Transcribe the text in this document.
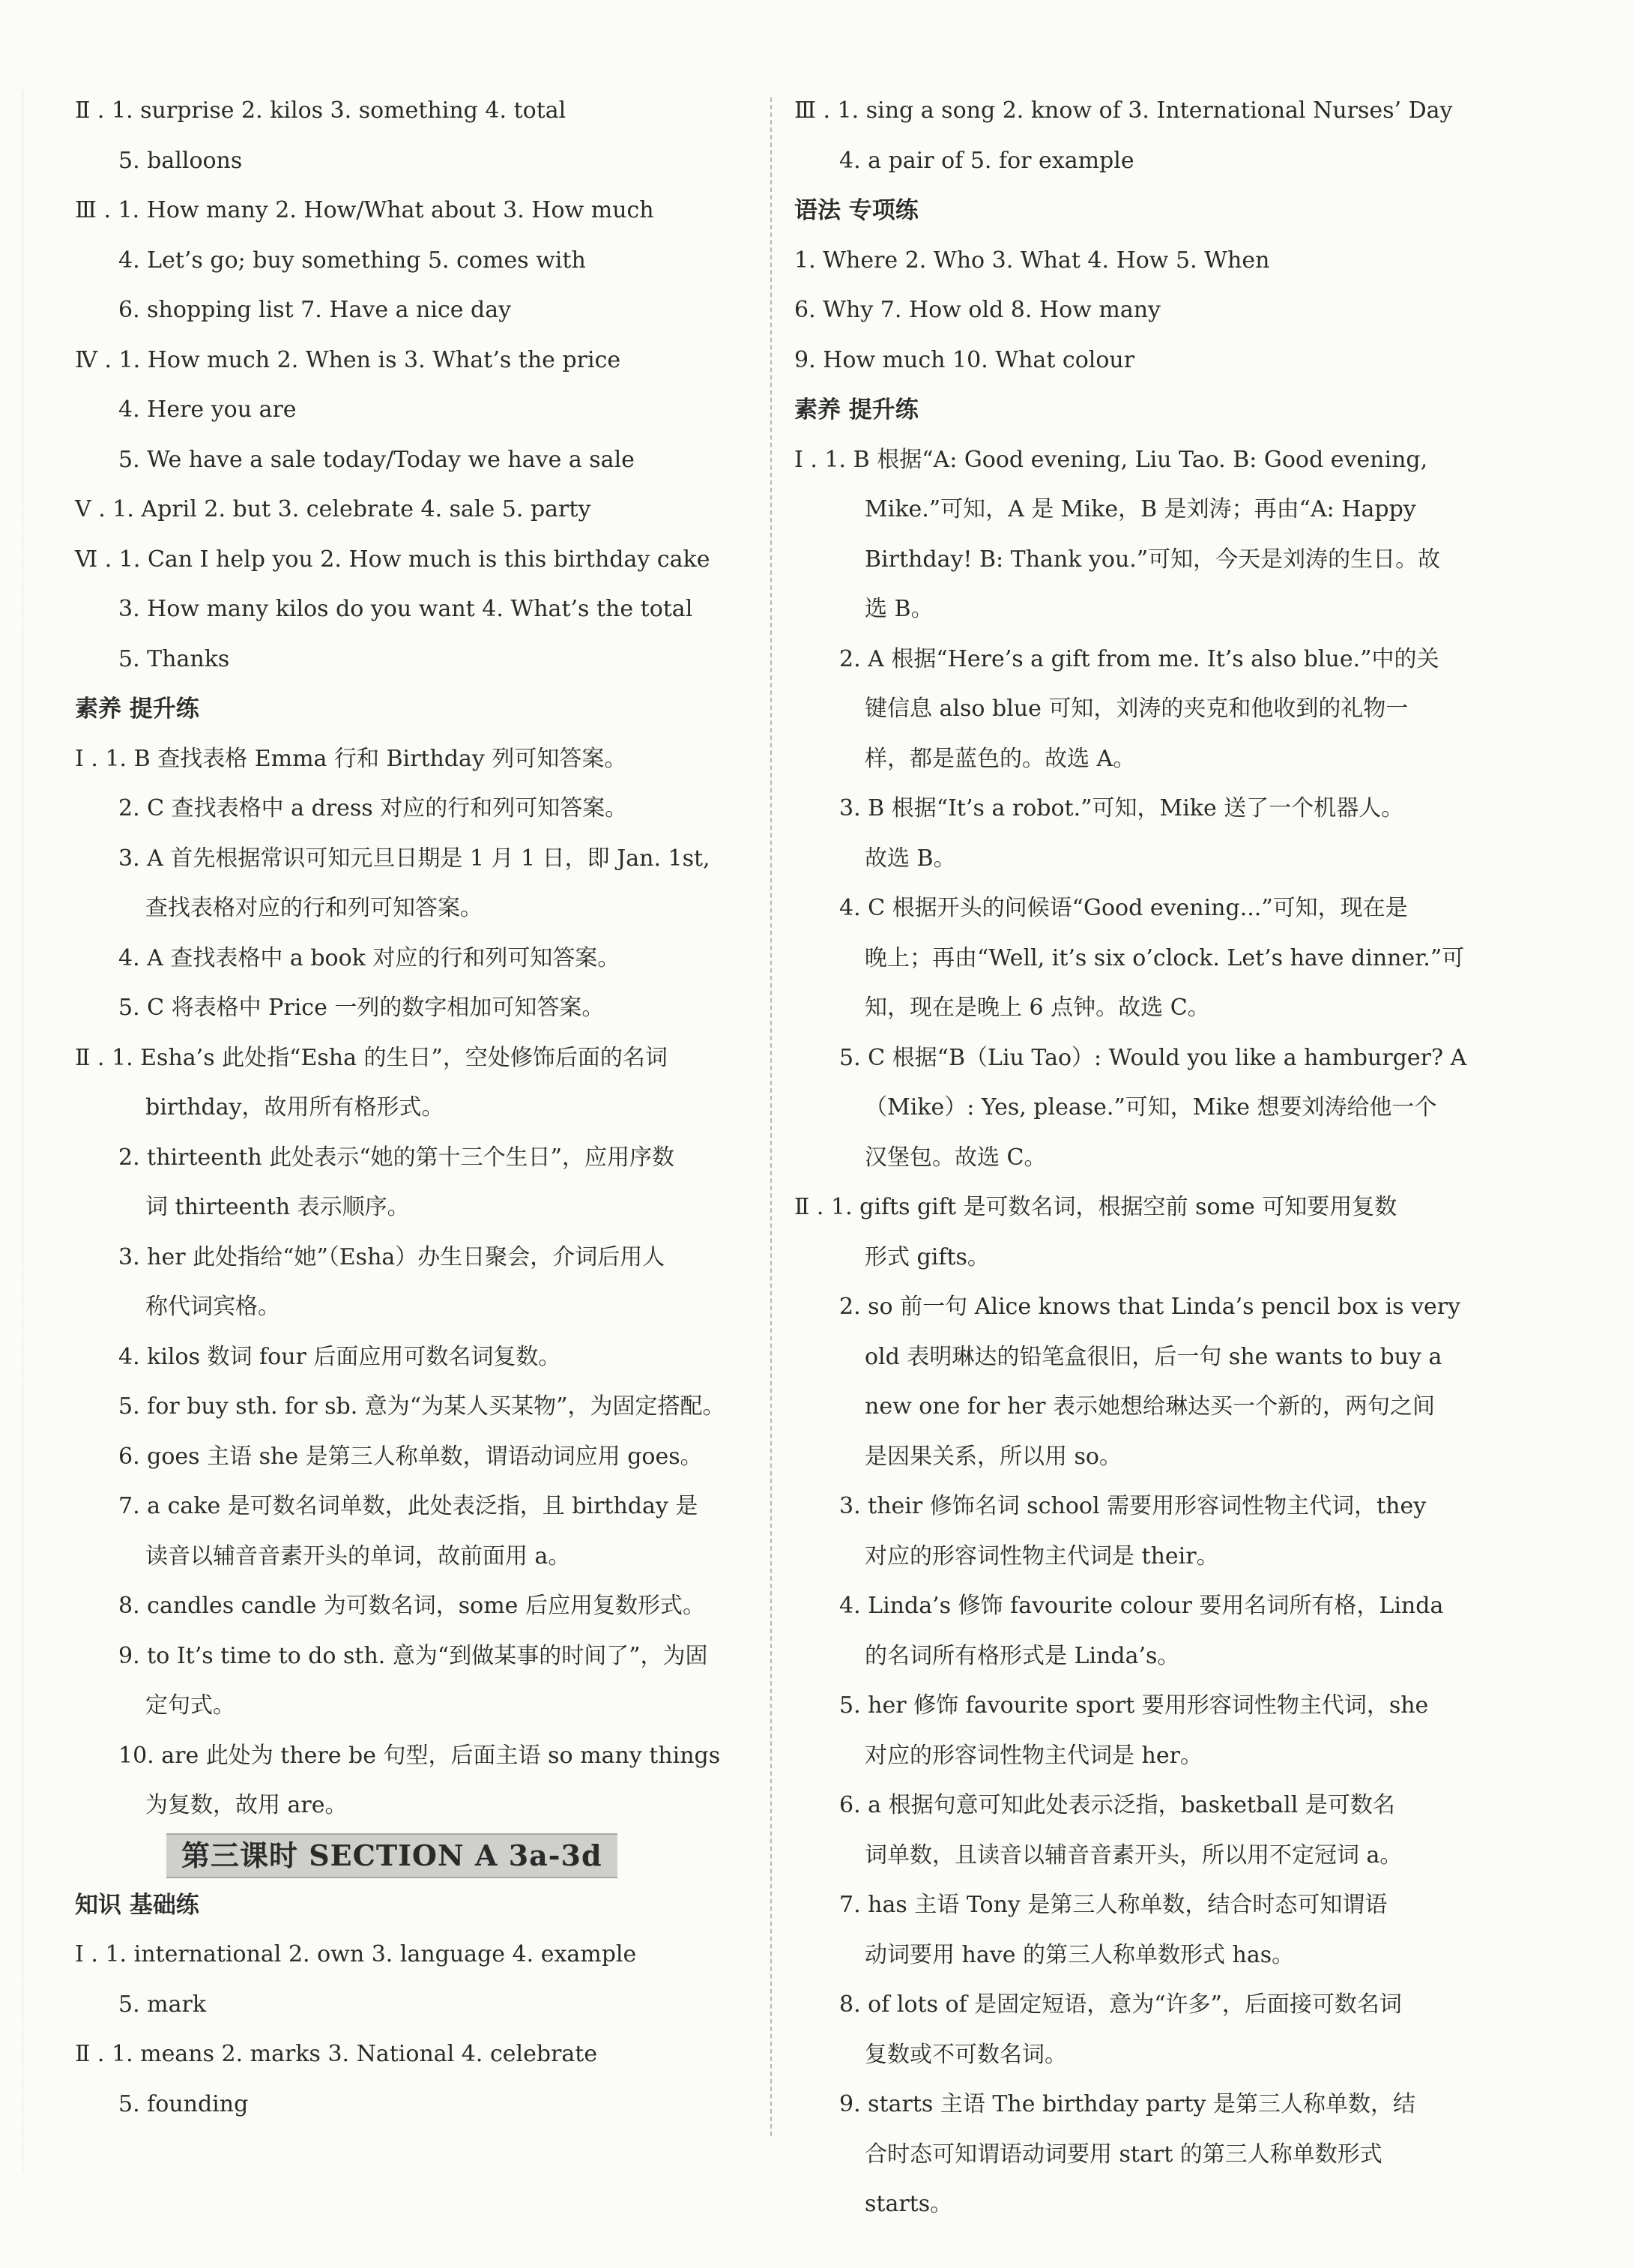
Ⅱ . 1. surprise 2. kilos 3. something 4. total
5. balloons
Ⅲ . 1. How many 2. How/What about 3. How much
4. Let’s go; buy something 5. comes with
6. shopping list 7. Have a nice day
Ⅳ . 1. How much 2. When is 3. What’s the price
4. Here you are
5. We have a sale today/Today we have a sale
Ⅴ . 1. April 2. but 3. celebrate 4. sale 5. party
Ⅵ . 1. Can I help you 2. How much is this birthday cake
3. How many kilos do you want 4. What’s the total
5. Thanks
素养 提升练
Ⅰ . 1. B 查找表格 Emma 行和 Birthday 列可知答案。
2. C 查找表格中 a dress 对应的行和列可知答案。
3. A 首先根据常识可知元旦日期是 1 月 1 日，即 Jan. 1st,
查找表格对应的行和列可知答案。
4. A 查找表格中 a book 对应的行和列可知答案。
5. C 将表格中 Price 一列的数字相加可知答案。
Ⅱ . 1. Esha’s 此处指“Esha 的生日”，空处修饰后面的名词
birthday，故用所有格形式。
2. thirteenth 此处表示“她的第十三个生日”，应用序数
词 thirteenth 表示顺序。
3. her 此处指给“她”（Esha）办生日聚会，介词后用人
称代词宾格。
4. kilos 数词 four 后面应用可数名词复数。
5. for buy sth. for sb. 意为“为某人买某物”，为固定搭配。
6. goes 主语 she 是第三人称单数，谓语动词应用 goes。
7. a cake 是可数名词单数，此处表泛指，且 birthday 是
读音以辅音音素开头的单词，故前面用 a。
8. candles candle 为可数名词，some 后应用复数形式。
9. to It’s time to do sth. 意为“到做某事的时间了”，为固
定句式。
10. are 此处为 there be 句型，后面主语 so many things
为复数，故用 are。
第三课时 SECTION A 3a-3d
知识 基础练
Ⅰ . 1. international 2. own 3. language 4. example
5. mark
Ⅱ . 1. means 2. marks 3. National 4. celebrate
5. founding
Ⅲ . 1. sing a song 2. know of 3. International Nurses’ Day
4. a pair of 5. for example
语法 专项练
1. Where 2. Who 3. What 4. How 5. When
6. Why 7. How old 8. How many
9. How much 10. What colour
素养 提升练
Ⅰ . 1. B 根据“A: Good evening, Liu Tao. B: Good evening,
Mike.”可知，A 是 Mike，B 是刘涛；再由“A: Happy
Birthday! B: Thank you.”可知，今天是刘涛的生日。故
选 B。
2. A 根据“Here’s a gift from me. It’s also blue.”中的关
键信息 also blue 可知，刘涛的夹克和他收到的礼物一
样，都是蓝色的。故选 A。
3. B 根据“It’s a robot.”可知，Mike 送了一个机器人。
故选 B。
4. C 根据开头的问候语“Good evening...”可知，现在是
晚上；再由“Well, it’s six o’clock. Let’s have dinner.”可
知，现在是晚上 6 点钟。故选 C。
5. C 根据“B（Liu Tao）: Would you like a hamburger? A
（Mike）: Yes, please.”可知，Mike 想要刘涛给他一个
汉堡包。故选 C。
Ⅱ . 1. gifts gift 是可数名词，根据空前 some 可知要用复数
形式 gifts。
2. so 前一句 Alice knows that Linda’s pencil box is very
old 表明琳达的铅笔盒很旧，后一句 she wants to buy a
new one for her 表示她想给琳达买一个新的，两句之间
是因果关系，所以用 so。
3. their 修饰名词 school 需要用形容词性物主代词，they
对应的形容词性物主代词是 their。
4. Linda’s 修饰 favourite colour 要用名词所有格，Linda
的名词所有格形式是 Linda’s。
5. her 修饰 favourite sport 要用形容词性物主代词，she
对应的形容词性物主代词是 her。
6. a 根据句意可知此处表示泛指，basketball 是可数名
词单数，且读音以辅音音素开头，所以用不定冠词 a。
7. has 主语 Tony 是第三人称单数，结合时态可知谓语
动词要用 have 的第三人称单数形式 has。
8. of lots of 是固定短语，意为“许多”，后面接可数名词
复数或不可数名词。
9. starts 主语 The birthday party 是第三人称单数，结
合时态可知谓语动词要用 start 的第三人称单数形式
starts。
